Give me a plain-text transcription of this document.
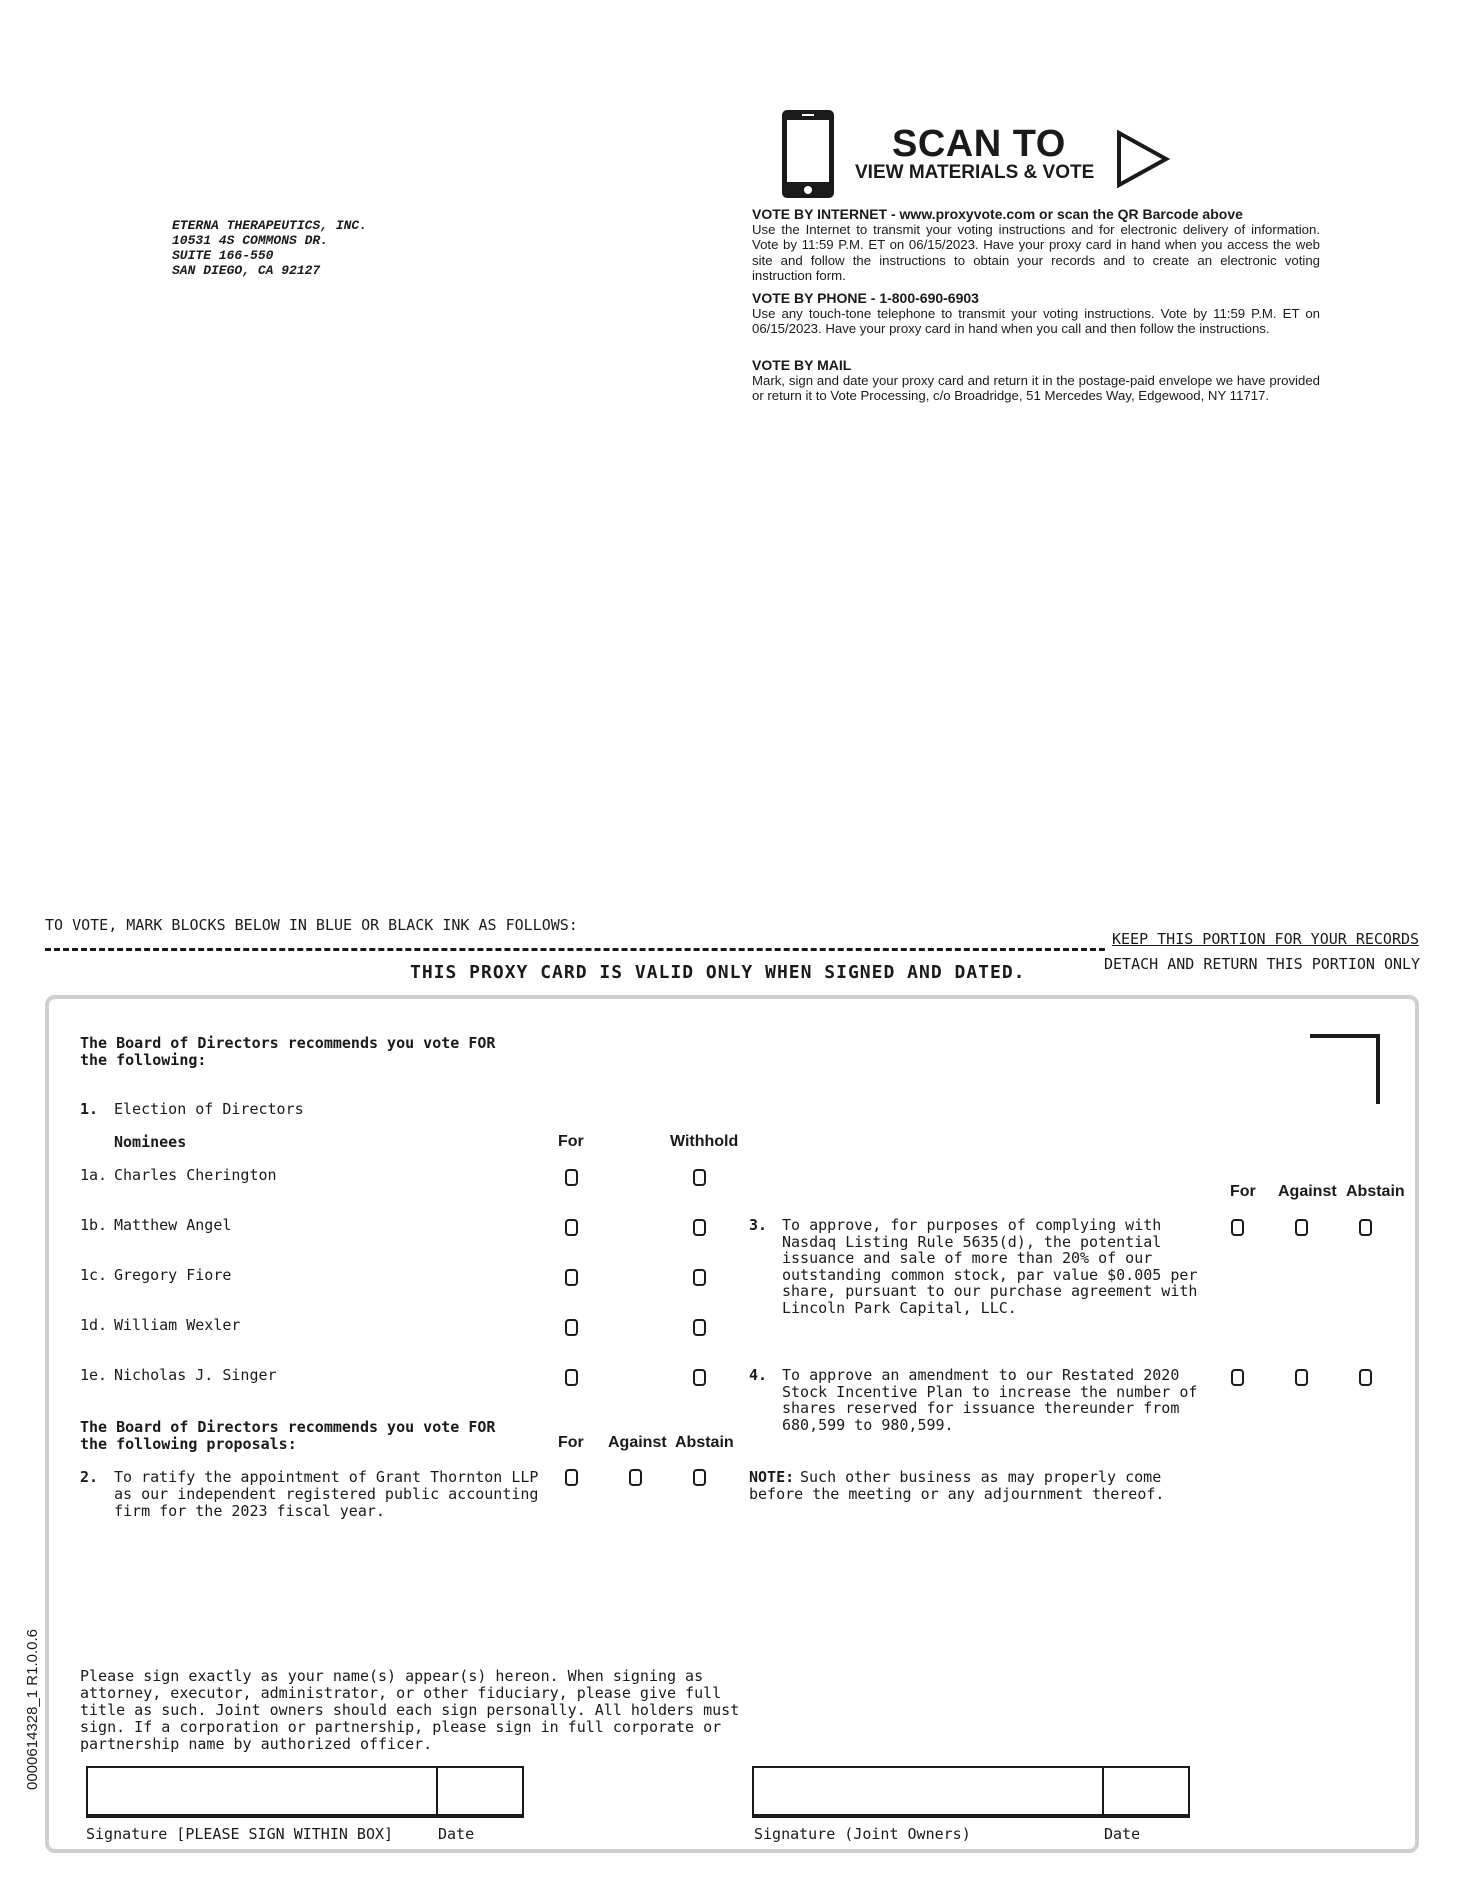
ETERNA THERAPEUTICS, INC.
10531 4S COMMONS DR.
SUITE 166-550
SAN DIEGO, CA 92127
SCAN TO
VIEW MATERIALS & VOTE
VOTE BY INTERNET - www.proxyvote.com or scan the QR Barcode above
Use the Internet to transmit your voting instructions and for electronic delivery of information. Vote by 11:59 P.M. ET on 06/15/2023. Have your proxy card in hand when you access the web site and follow the instructions to obtain your records and to create an electronic voting instruction form.
VOTE BY PHONE - 1-800-690-6903
Use any touch-tone telephone to transmit your voting instructions. Vote by 11:59 P.M. ET on 06/15/2023. Have your proxy card in hand when you call and then follow the instructions.
VOTE BY MAIL
Mark, sign and date your proxy card and return it in the postage-paid envelope we have provided or return it to Vote Processing, c/o Broadridge, 51 Mercedes Way, Edgewood, NY 11717.
TO VOTE, MARK BLOCKS BELOW IN BLUE OR BLACK INK AS FOLLOWS:
KEEP THIS PORTION FOR YOUR RECORDS
DETACH AND RETURN THIS PORTION ONLY
THIS PROXY CARD IS VALID ONLY WHEN SIGNED AND DATED.
The Board of Directors recommends you vote FOR
the following:
1. Election of Directors
Nominees	For	Withhold
1a. Charles Cherington
1b. Matthew Angel
1c. Gregory Fiore
1d. William Wexler
1e. Nicholas J. Singer
The Board of Directors recommends you vote FOR
the following proposals:	For Against Abstain
2. To ratify the appointment of Grant Thornton LLP
as our independent registered public accounting
firm for the 2023 fiscal year.
For Against Abstain
3. To approve, for purposes of complying with
Nasdaq Listing Rule 5635(d), the potential
issuance and sale of more than 20% of our
outstanding common stock, par value $0.005 per
share, pursuant to our purchase agreement with
Lincoln Park Capital, LLC.
4. To approve an amendment to our Restated 2020
Stock Incentive Plan to increase the number of
shares reserved for issuance thereunder from
680,599 to 980,599.
NOTE: Such other business as may properly come
before the meeting or any adjournment thereof.
Please sign exactly as your name(s) appear(s) hereon. When signing as
attorney, executor, administrator, or other fiduciary, please give full
title as such. Joint owners should each sign personally. All holders must
sign. If a corporation or partnership, please sign in full corporate or
partnership name by authorized officer.
Signature [PLEASE SIGN WITHIN BOX]	Date	Signature (Joint Owners)	Date
0000614328_1 R1.0.0.6
